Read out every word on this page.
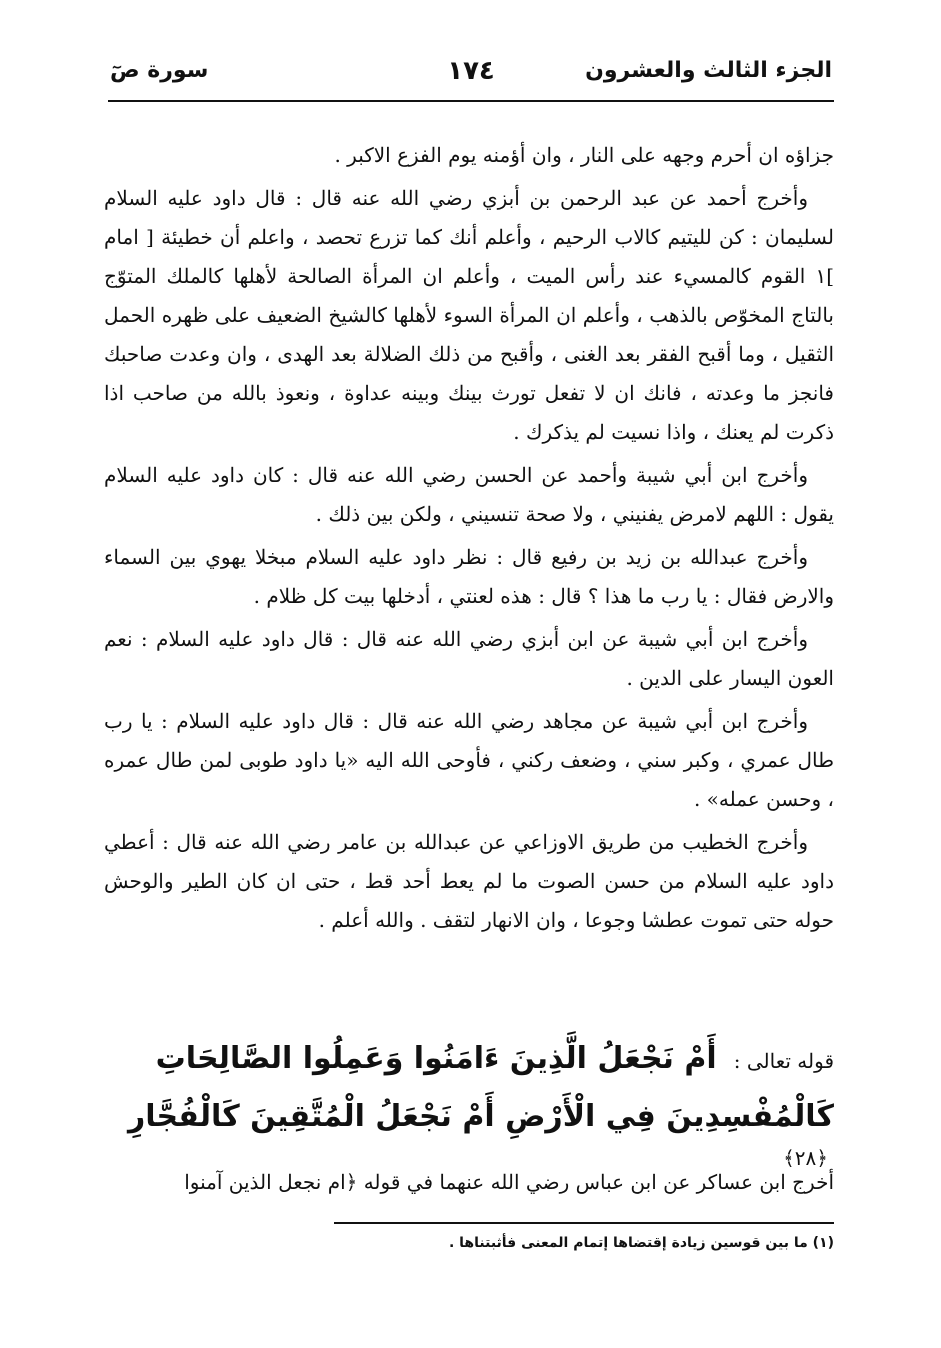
الجزء الثالث والعشرون
١٧٤
سورة صٓ

جزاؤه ان أحرم وجهه على النار ، وان أؤمنه يوم الفزع الاكبر .

وأخرج أحمد عن عبد الرحمن بن أبزي رضي الله عنه قال : قال داود عليه السلام لسليمان : كن لليتيم كالاب الرحيم ، وأعلم أنك كما تزرع تحصد ، واعلم أن خطيئة [ امام ]١ القوم كالمسيء عند رأس الميت ، وأعلم ان المرأة الصالحة لأهلها كالملك المتوّج بالتاج المخوّص بالذهب ، وأعلم ان المرأة السوء لأهلها كالشيخ الضعيف على ظهره الحمل الثقيل ، وما أقبح الفقر بعد الغنى ، وأقبح من ذلك الضلالة بعد الهدى ، وان وعدت صاحبك فانجز ما وعدته ، فانك ان لا تفعل تورث بينك وبينه عداوة ، ونعوذ بالله من صاحب اذا ذكرت لم يعنك ، واذا نسيت لم يذكرك .

وأخرج ابن أبي شيبة وأحمد عن الحسن رضي الله عنه قال : كان داود عليه السلام يقول : اللهم لامرض يفنيني ، ولا صحة تنسيني ، ولكن بين ذلك .

وأخرج عبدالله بن زيد بن رفيع قال : نظر داود عليه السلام مبخلا يهوي بين السماء والارض فقال : يا رب ما هذا ؟ قال : هذه لعنتي ، أدخلها بيت كل ظلام .

وأخرج ابن أبي شيبة عن ابن أبزي رضي الله عنه قال : قال داود عليه السلام : نعم العون اليسار على الدين .

وأخرج ابن أبي شيبة عن مجاهد رضي الله عنه قال : قال داود عليه السلام : يا رب طال عمري ، وكبر سني ، وضعف ركني ، فأوحى الله اليه «يا داود طوبى لمن طال عمره ، وحسن عمله» .

وأخرج الخطيب من طريق الاوزاعي عن عبدالله بن عامر رضي الله عنه قال : أعطي داود عليه السلام من حسن الصوت ما لم يعط أحد قط ، حتى ان كان الطير والوحش حوله حتى تموت عطشا وجوعا ، وان الانهار لتقف . والله أعلم .

قوله تعالى : أَمْ نَجْعَلُ الَّذِينَ ءَامَنُوا وَعَمِلُوا الصَّالِحَاتِ كَالْمُفْسِدِينَ فِي الْأَرْضِ أَمْ نَجْعَلُ الْمُتَّقِينَ كَالْفُجَّارِ ﴿٢٨﴾
أخرج ابن عساكر عن ابن عباس رضي الله عنهما في قوله ﴿ام نجعل الذين آمنوا
(١) ما بين قوسين زيادة إقتضاها إتمام المعنى فأثبتناها .
